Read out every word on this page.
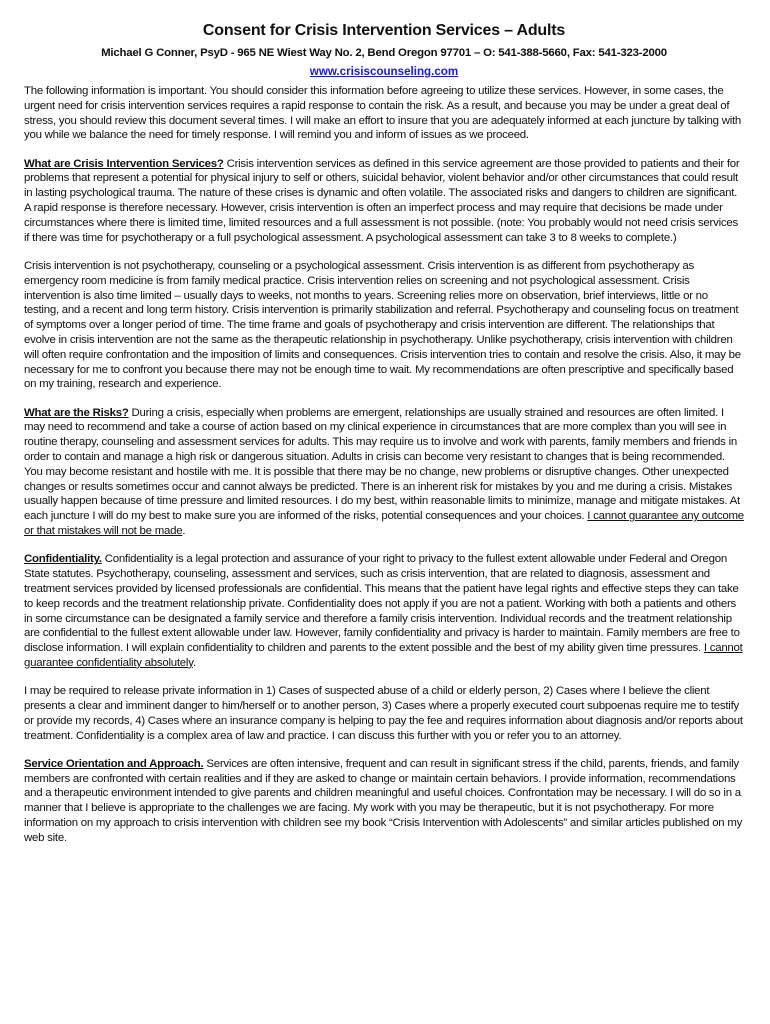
Consent for Crisis Intervention Services – Adults
Michael G Conner, PsyD - 965 NE Wiest Way No. 2, Bend Oregon 97701 – O: 541-388-5660, Fax: 541-323-2000
www.crisiscounseling.com

The following information is important. You should consider this information before agreeing to utilize these services. However, in some cases, the urgent need for crisis intervention services requires a rapid response to contain the risk. As a result, and because you may be under a great deal of stress, you should review this document several times. I will make an effort to insure that you are adequately informed at each juncture by talking with you while we balance the need for timely response. I will remind you and inform of issues as we proceed.

What are Crisis Intervention Services? Crisis intervention services as defined in this service agreement are those provided to patients and their for problems that represent a potential for physical injury to self or others, suicidal behavior, violent behavior and/or other circumstances that could result in lasting psychological trauma. The nature of these crises is dynamic and often volatile. The associated risks and dangers to children are significant. A rapid response is therefore necessary. However, crisis intervention is often an imperfect process and may require that decisions be made under circumstances where there is limited time, limited resources and a full assessment is not possible. (note: You probably would not need crisis services if there was time for psychotherapy or a full psychological assessment. A psychological assessment can take 3 to 8 weeks to complete.)

Crisis intervention is not psychotherapy, counseling or a psychological assessment. Crisis intervention is as different from psychotherapy as emergency room medicine is from family medical practice. Crisis intervention relies on screening and not psychological assessment. Crisis intervention is also time limited – usually days to weeks, not months to years. Screening relies more on observation, brief interviews, little or no testing, and a recent and long term history. Crisis intervention is primarily stabilization and referral. Psychotherapy and counseling focus on treatment of symptoms over a longer period of time. The time frame and goals of psychotherapy and crisis intervention are different. The relationships that evolve in crisis intervention are not the same as the therapeutic relationship in psychotherapy. Unlike psychotherapy, crisis intervention with children will often require confrontation and the imposition of limits and consequences. Crisis intervention tries to contain and resolve the crisis. Also, it may be necessary for me to confront you because there may not be enough time to wait. My recommendations are often prescriptive and specifically based on my training, research and experience.

What are the Risks? During a crisis, especially when problems are emergent, relationships are usually strained and resources are often limited. I may need to recommend and take a course of action based on my clinical experience in circumstances that are more complex than you will see in routine therapy, counseling and assessment services for adults. This may require us to involve and work with parents, family members and friends in order to contain and manage a high risk or dangerous situation. Adults in crisis can become very resistant to changes that is being recommended. You may become resistant and hostile with me. It is possible that there may be no change, new problems or disruptive changes. Other unexpected changes or results sometimes occur and cannot always be predicted. There is an inherent risk for mistakes by you and me during a crisis. Mistakes usually happen because of time pressure and limited resources. I do my best, within reasonable limits to minimize, manage and mitigate mistakes. At each juncture I will do my best to make sure you are informed of the risks, potential consequences and your choices. I cannot guarantee any outcome or that mistakes will not be made.

Confidentiality. Confidentiality is a legal protection and assurance of your right to privacy to the fullest extent allowable under Federal and Oregon State statutes. Psychotherapy, counseling, assessment and services, such as crisis intervention, that are related to diagnosis, assessment and treatment services provided by licensed professionals are confidential. This means that the patient have legal rights and effective steps they can take to keep records and the treatment relationship private. Confidentiality does not apply if you are not a patient. Working with both a patients and others in some circumstance can be designated a family service and therefore a family crisis intervention. Individual records and the treatment relationship are confidential to the fullest extent allowable under law. However, family confidentiality and privacy is harder to maintain. Family members are free to disclose information. I will explain confidentiality to children and parents to the extent possible and the best of my ability given time pressures. I cannot guarantee confidentiality absolutely.

I may be required to release private information in 1) Cases of suspected abuse of a child or elderly person, 2) Cases where I believe the client presents a clear and imminent danger to him/herself or to another person, 3) Cases where a properly executed court subpoenas require me to testify or provide my records, 4) Cases where an insurance company is helping to pay the fee and requires information about diagnosis and/or reports about treatment. Confidentiality is a complex area of law and practice. I can discuss this further with you or refer you to an attorney.

Service Orientation and Approach. Services are often intensive, frequent and can result in significant stress if the child, parents, friends, and family members are confronted with certain realities and if they are asked to change or maintain certain behaviors. I provide information, recommendations and a therapeutic environment intended to give parents and children meaningful and useful choices. Confrontation may be necessary. I will do so in a manner that I believe is appropriate to the challenges we are facing. My work with you may be therapeutic, but it is not psychotherapy. For more information on my approach to crisis intervention with children see my book “Crisis Intervention with Adolescents” and similar articles published on my web site.
